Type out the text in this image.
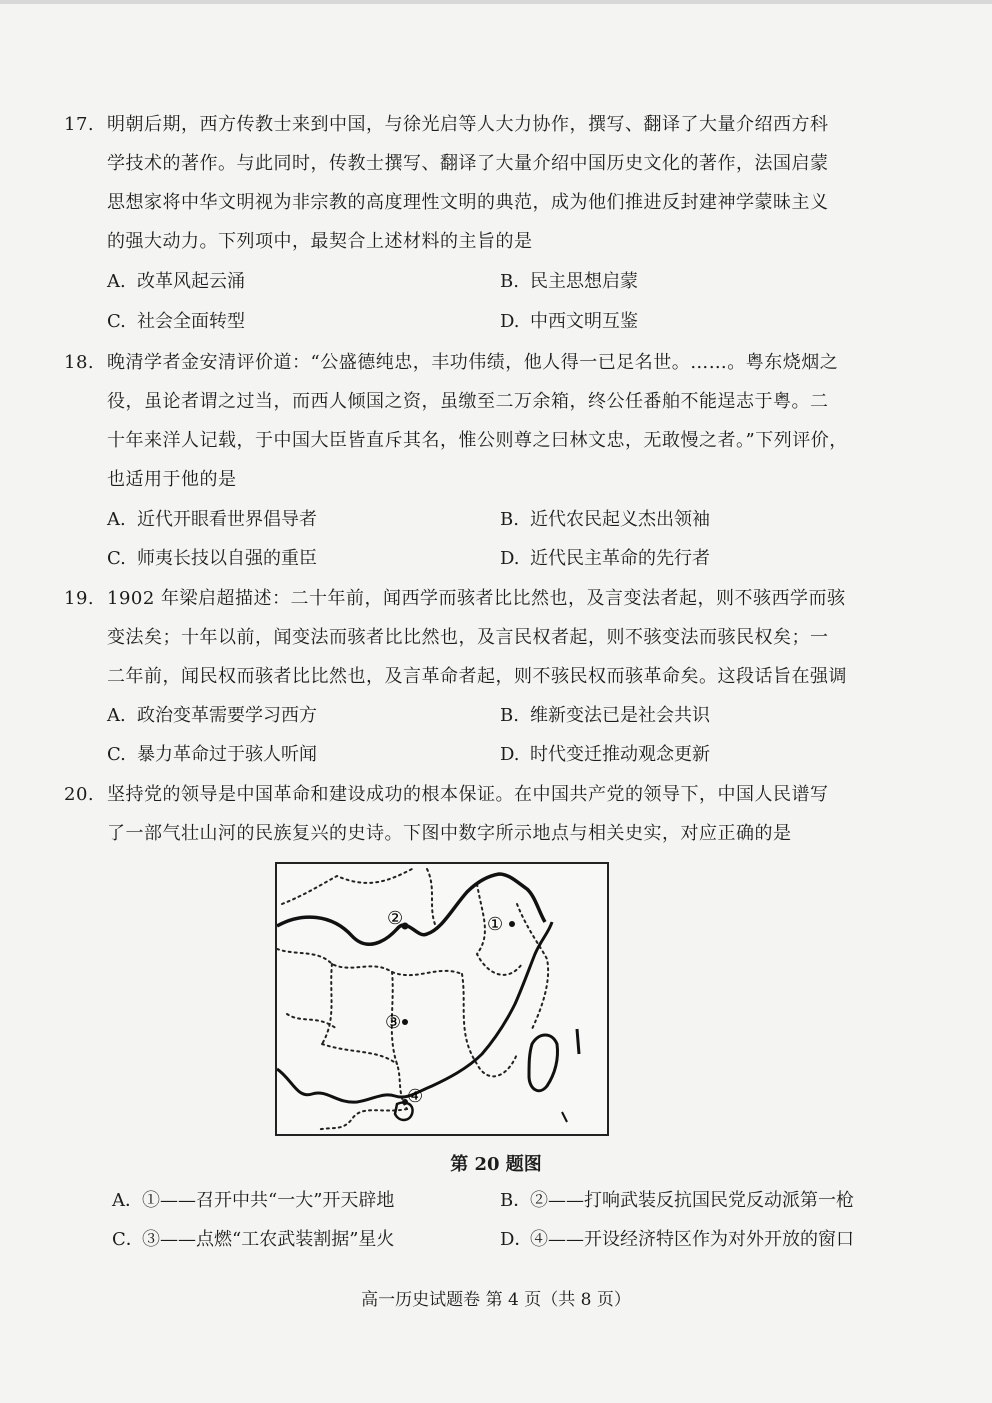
17. 明朝后期，西方传教士来到中国，与徐光启等人大力协作，撰写、翻译了大量介绍西方科
学技术的著作。与此同时，传教士撰写、翻译了大量介绍中国历史文化的著作，法国启蒙
思想家将中华文明视为非宗教的高度理性文明的典范，成为他们推进反封建神学蒙昧主义
的强大动力。下列项中，最契合上述材料的主旨的是
A. 改革风起云涌	B. 民主思想启蒙
C. 社会全面转型	D. 中西文明互鉴
18. 晚清学者金安清评价道：“公盛德纯忠，丰功伟绩，他人得一已足名世。……。粤东烧烟之
役，虽论者谓之过当，而西人倾国之资，虽缴至二万余箱，终公任番舶不能逞志于粤。二
十年来洋人记载，于中国大臣皆直斥其名，惟公则尊之曰林文忠，无敢慢之者。”下列评价，
也适用于他的是
A. 近代开眼看世界倡导者	B. 近代农民起义杰出领袖
C. 师夷长技以自强的重臣	D. 近代民主革命的先行者
19. 1902 年梁启超描述：二十年前，闻西学而骇者比比然也，及言变法者起，则不骇西学而骇
变法矣；十年以前，闻变法而骇者比比然也，及言民权者起，则不骇变法而骇民权矣；一
二年前，闻民权而骇者比比然也，及言革命者起，则不骇民权而骇革命矣。这段话旨在强调
A. 政治变革需要学习西方	B. 维新变法已是社会共识
C. 暴力革命过于骇人听闻	D. 时代变迁推动观念更新
20. 坚持党的领导是中国革命和建设成功的根本保证。在中国共产党的领导下，中国人民谱写
了一部气壮山河的民族复兴的史诗。下图中数字所示地点与相关史实，对应正确的是
①
②
③
④
第 20 题图
A．①——召开中共“一大”开天辟地	B．②——打响武装反抗国民党反动派第一枪
C．③——点燃“工农武装割据”星火	D．④——开设经济特区作为对外开放的窗口
高一历史试题卷 第 4 页（共 8 页）
